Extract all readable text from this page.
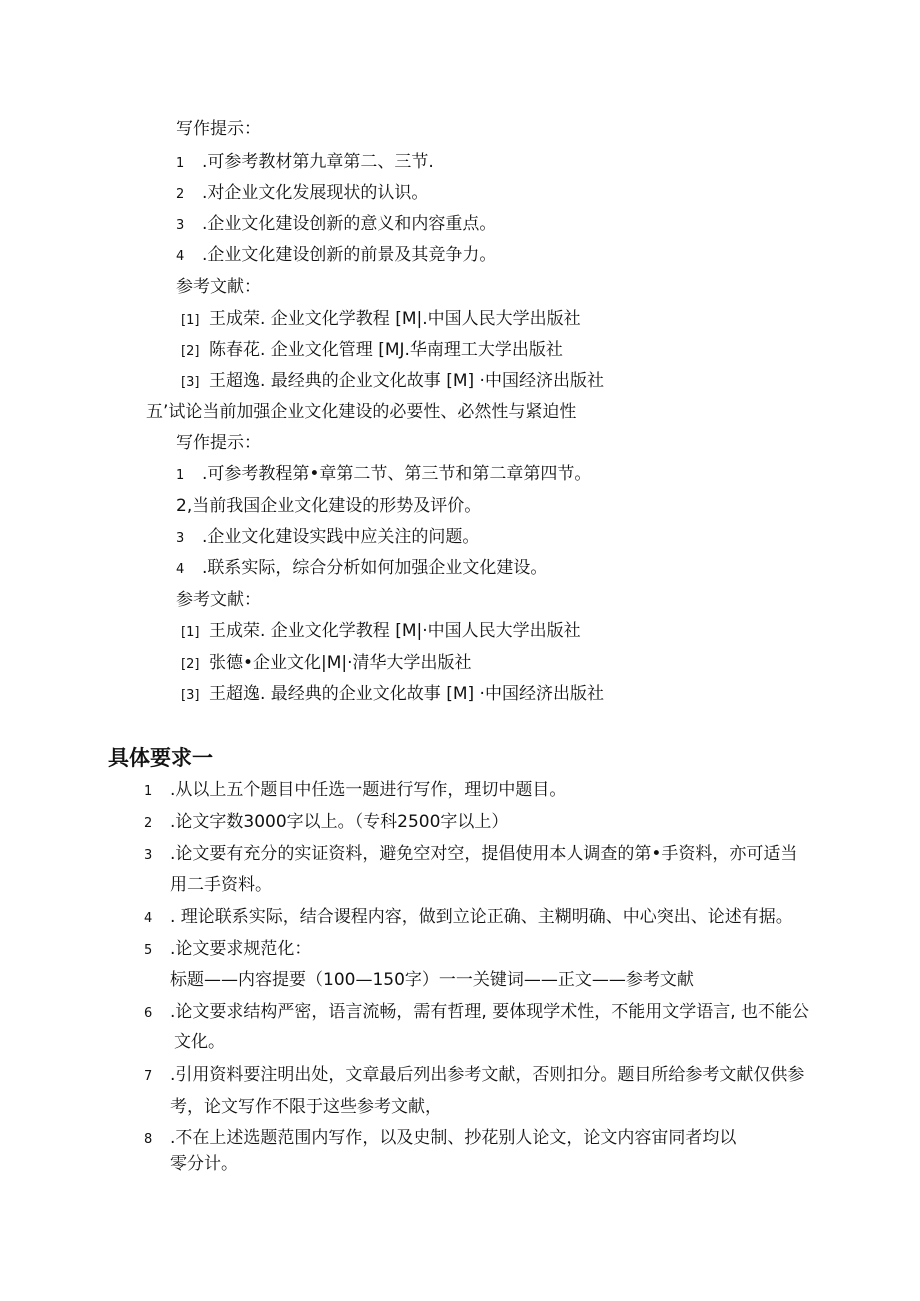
写作提示：
1 .可参考教材第九章第二、三节.
2 .对企业文化发展现状的认识。
3 .企业文化建设创新的意义和内容重点。
4 .企业文化建设创新的前景及其竞争力。
参考文献：
[1] 王成荣. 企业文化学教程 [M|.中国人民大学出版社
[2] 陈春花. 企业文化管理 [MJ.华南理工大学出版社
[3] 王超逸. 最经典的企业文化故事 [M] ·中国经济出版社
五’试论当前加强企业文化建设的必要性、必然性与紧迫性
写作提示：
1 .可参考教程第•章第二节、第三节和第二章第四节。
2,当前我国企业文化建设的形势及评价。
3 .企业文化建设实践中应关注的问题。
4 .联系实际，综合分析如何加强企业文化建设。
参考文献：
[1] 王成荣. 企业文化学教程 [M|·中国人民大学出版社
[2] 张德•企业文化|M|·清华大学出版社
[3] 王超逸. 最经典的企业文化故事 [M] ·中国经济出版社
具体要求一
1 .从以上五个题目中任选一题进行写作，理切中题目。
2 .论文字数3000字以上。（专科2500字以上）
3 .论文要有充分的实证资料，避免空对空，提倡使用本人调查的第•手资料，亦可适当
用二手资料。
4 . 理论联系实际，结合谡程内容，做到立论正确、主糊明确、中心突出、论述有据。
5 .论文要求规范化：
标题——内容提要（100—150字）一一关键词——正文——参考文献
6 .论文要求结构严密，语言流畅，需有哲理, 要体现学术性，不能用文学语言, 也不能公
文化。
7 .引用资料要注明出处，文章最后列出参考文献，否则扣分。题目所给参考文献仅供参
考，论文写作不限于这些参考文献，
8 .不在上述选题范围内写作，以及史制、抄花别人论文，论文内容宙同者均以
零分计。
